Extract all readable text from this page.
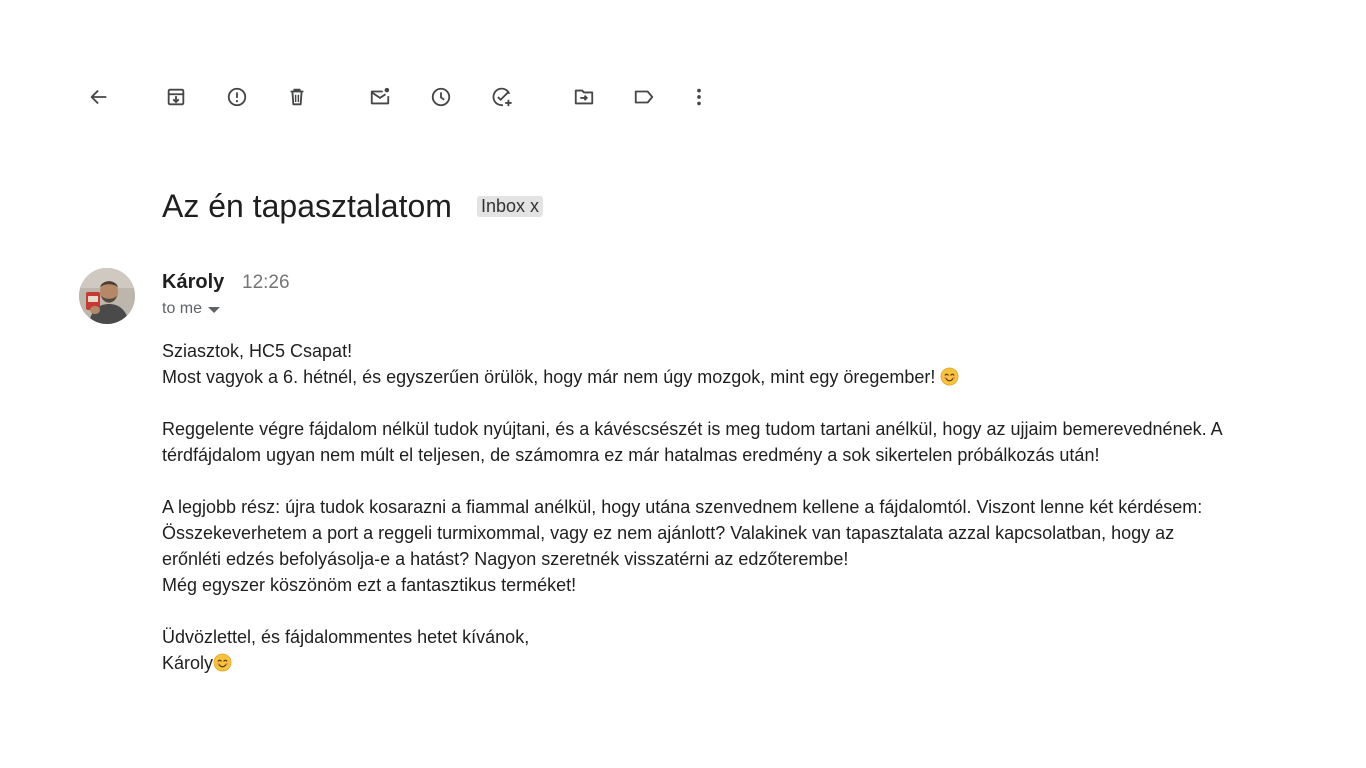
Az én tapasztalatom Inbox x
Károly 12:26
to me

Sziasztok, HC5 Csapat!
Most vagyok a 6. hétnél, és egyszerűen örülök, hogy már nem úgy mozgok, mint egy öregember!

Reggelente végre fájdalom nélkül tudok nyújtani, és a kávéscsészét is meg tudom tartani anélkül, hogy az ujjaim bemerevednének. A
térdfájdalom ugyan nem múlt el teljesen, de számomra ez már hatalmas eredmény a sok sikertelen próbálkozás után!

A legjobb rész: újra tudok kosarazni a fiammal anélkül, hogy utána szenvednem kellene a fájdalomtól. Viszont lenne két kérdésem:
Összekeverhetem a port a reggeli turmixommal, vagy ez nem ajánlott? Valakinek van tapasztalata azzal kapcsolatban, hogy az
erőnléti edzés befolyásolja-e a hatást? Nagyon szeretnék visszatérni az edzőterembe!
Még egyszer köszönöm ezt a fantasztikus terméket!

Üdvözlettel, és fájdalommentes hetet kívánok,
Károly
